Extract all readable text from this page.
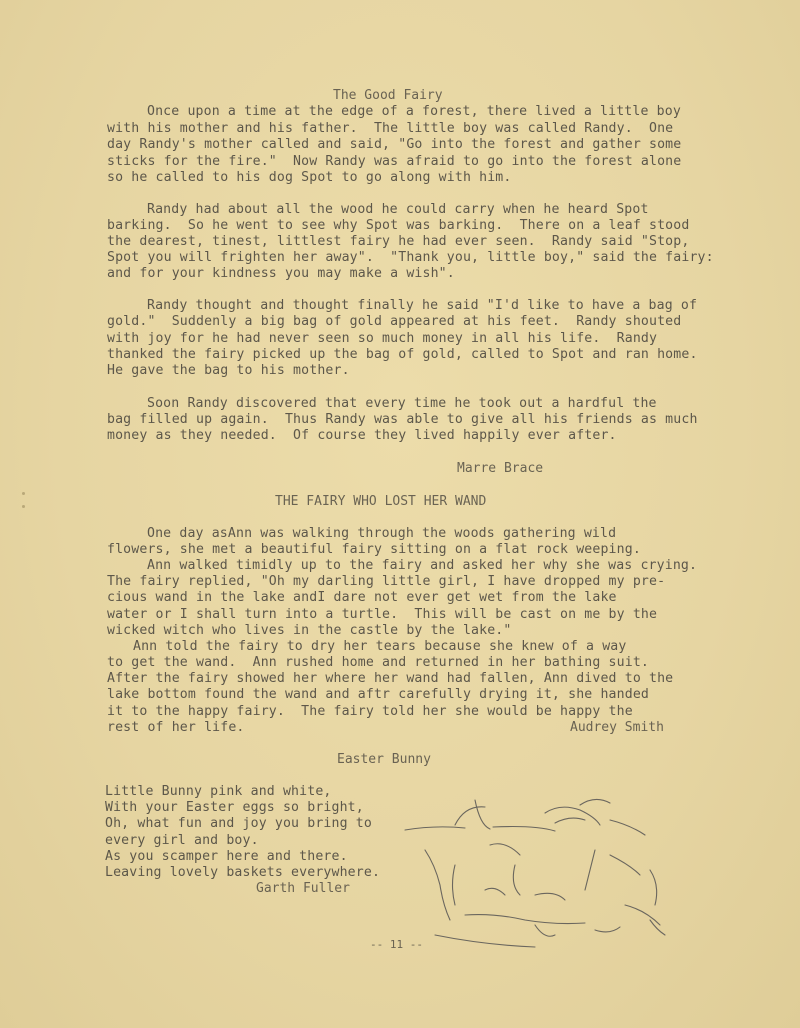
The Good Fairy
Once upon a time at the edge of a forest, there lived a little boy
with his mother and his father.  The little boy was called Randy.  One
day Randy's mother called and said, "Go into the forest and gather some
sticks for the fire."  Now Randy was afraid to go into the forest alone
so he called to his dog Spot to go along with him.
Randy had about all the wood he could carry when he heard Spot
barking.  So he went to see why Spot was barking.  There on a leaf stood
the dearest, tinest, littlest fairy he had ever seen.  Randy said "Stop,
Spot you will frighten her away".  "Thank you, little boy," said the fairy:
and for your kindness you may make a wish".
Randy thought and thought finally he said "I'd like to have a bag of
gold."  Suddenly a big bag of gold appeared at his feet.  Randy shouted
with joy for he had never seen so much money in all his life.  Randy
thanked the fairy picked up the bag of gold, called to Spot and ran home.
He gave the bag to his mother.
Soon Randy discovered that every time he took out a hardful the
bag filled up again.  Thus Randy was able to give all his friends as much
money as they needed.  Of course they lived happily ever after.
Marre Brace
THE FAIRY WHO LOST HER WAND
One day asAnn was walking through the woods gathering wild
flowers, she met a beautiful fairy sitting on a flat rock weeping.
Ann walked timidly up to the fairy and asked her why she was crying.
The fairy replied, "Oh my darling little girl, I have dropped my pre-
cious wand in the lake andI dare not ever get wet from the lake
water or I shall turn into a turtle.  This will be cast on me by the
wicked witch who lives in the castle by the lake."
Ann told the fairy to dry her tears because she knew of a way
to get the wand.  Ann rushed home and returned in her bathing suit.
After the fairy showed her where her wand had fallen, Ann dived to the
lake bottom found the wand and aftr carefully drying it, she handed
it to the happy fairy.  The fairy told her she would be happy the
rest of her life.	Audrey Smith
Easter Bunny
Little Bunny pink and white,
With your Easter eggs so bright,
Oh, what fun and joy you bring to
every girl and boy.
As you scamper here and there.
Leaving lovely baskets everywhere.
Garth Fuller
-- 11 --
